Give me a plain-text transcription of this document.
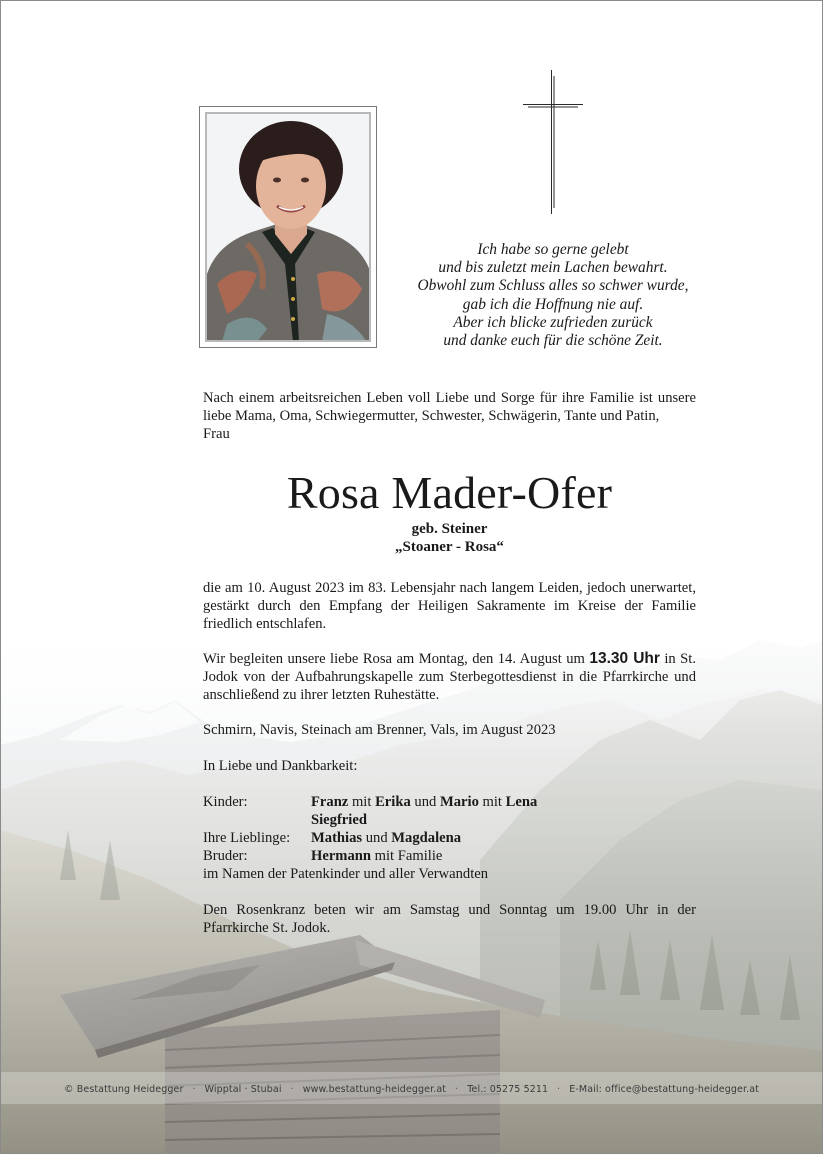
Ich habe so gerne gelebt
und bis zuletzt mein Lachen bewahrt.
Obwohl zum Schluss alles so schwer wurde,
gab ich die Hoffnung nie auf.
Aber ich blicke zufrieden zurück
und danke euch für die schöne Zeit.
Nach einem arbeitsreichen Leben voll Liebe und Sorge für ihre Familie ist unsere liebe Mama, Oma, Schwiegermutter, Schwester, Schwägerin, Tante und Patin,
Frau
Rosa Mader-Ofer
geb. Steiner
„Stoaner - Rosa“
die am 10. August 2023 im 83. Lebensjahr nach langem Leiden, jedoch unerwartet, gestärkt durch den Empfang der Heiligen Sakramente im Kreise der Familie friedlich entschlafen.
Wir begleiten unsere liebe Rosa am Montag, den 14. August um 13.30 Uhr in St. Jodok von der Aufbahrungskapelle zum Sterbegottesdienst in die Pfarrkirche und anschließend zu ihrer letzten Ruhestätte.
Schmirn, Navis, Steinach am Brenner, Vals, im August 2023
In Liebe und Dankbarkeit:
Kinder:	Franz mit Erika und Mario mit Lena
Siegfried
Ihre Lieblinge:	Mathias und Magdalena
Bruder:	Hermann mit Familie
im Namen der Patenkinder und aller Verwandten
Den Rosenkranz beten wir am Samstag und Sonntag um 19.00 Uhr in der Pfarrkirche St. Jodok.
© Bestattung Heidegger · Wipptal · Stubai · www.bestattung-heidegger.at · Tel.: 05275 5211 · E-Mail: office@bestattung-heidegger.at
